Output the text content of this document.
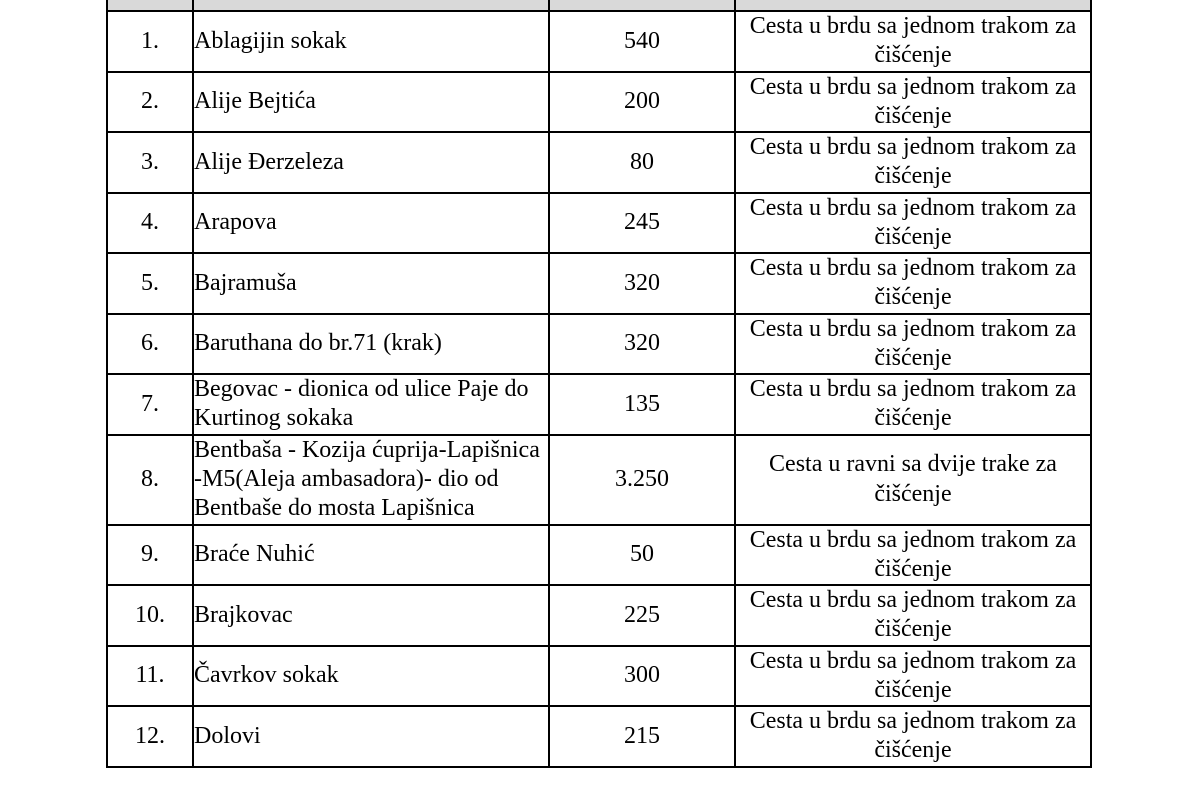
1.	Ablagijin sokak	540	Cesta u brdu sa jednom trakom za čišćenje
2.	Alije Bejtića	200	Cesta u brdu sa jednom trakom za čišćenje
3.	Alije Đerzeleza	80	Cesta u brdu sa jednom trakom za čišćenje
4.	Arapova	245	Cesta u brdu sa jednom trakom za čišćenje
5.	Bajramuša	320	Cesta u brdu sa jednom trakom za čišćenje
6.	Baruthana do br.71 (krak)	320	Cesta u brdu sa jednom trakom za čišćenje
7.	Begovac - dionica od ulice Paje do Kurtinog sokaka	135	Cesta u brdu sa jednom trakom za čišćenje
8.	Bentbaša - Kozija ćuprija-Lapišnica -M5(Aleja ambasadora)- dio od Bentbaše do mosta Lapišnica	3.250	Cesta u ravni sa dvije trake za čišćenje
9.	Braće Nuhić	50	Cesta u brdu sa jednom trakom za čišćenje
10.	Brajkovac	225	Cesta u brdu sa jednom trakom za čišćenje
11.	Čavrkov sokak	300	Cesta u brdu sa jednom trakom za čišćenje
12.	Dolovi	215	Cesta u brdu sa jednom trakom za čišćenje
